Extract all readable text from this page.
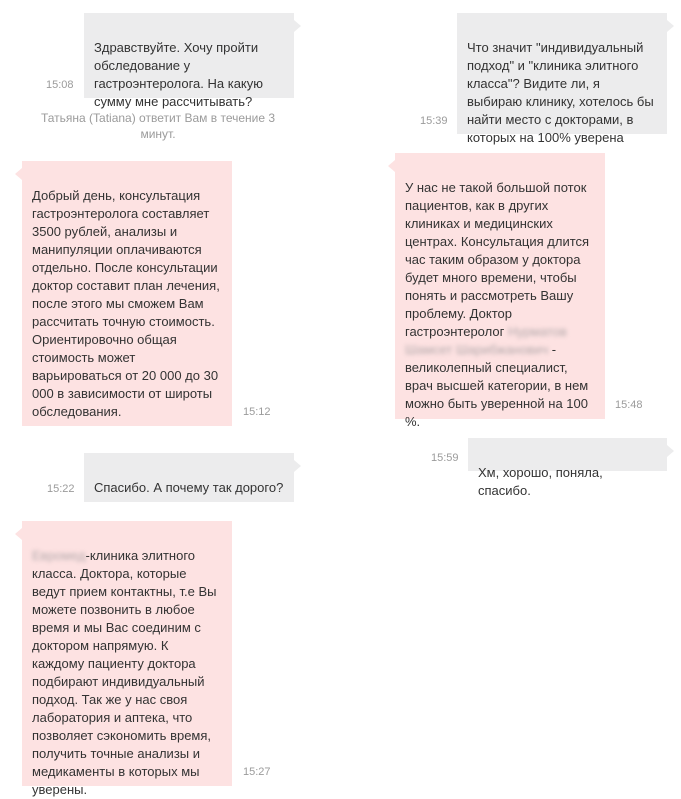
15:08

Здравствуйте. Хочу пройти обследование у гастроэнтеролога. На какую сумму мне рассчитывать?

Татьяна (Tatiana) ответит Вам в течение 3 минут.

Добрый день, консультация гастроэнтеролога составляет 3500 рублей, анализы и манипуляции оплачиваются отдельно. После консультации доктор составит план лечения, после этого мы сможем Вам рассчитать точную стоимость. Ориентировочно общая стоимость может варьироваться от 20 000 до 30 000 в зависимости от широты обследования.	15:12
15:22	Спасибо. А почему так дорого?

Евромед-клиника элитного класса. Доктора, которые ведут прием контактны, т.е Вы можете позвонить в любое время и мы Вас соединим с доктором напрямую. К каждому пациенту доктора подбирают индивидуальный подход. Так же у нас своя лаборатория и аптека, что позволяет сэкономить время, получить точные анализы и медикаменты в которых мы уверены.

15:27
15:39

Что значит "индивидуальный подход" и "клиника элитного класса"? Видите ли, я выбираю клинику, хотелось бы найти место с докторами, в которых на 100% уверена

У нас не такой большой поток пациентов, как в других клиниках и медицинских центрах. Консультация длится час таким образом у доктора будет много времени, чтобы понять и рассмотреть Вашу проблему. Доктор гастроэнтеролог Нурматов Шамсет Шарибжанович - великолепный специалист, врач высшей категории, в нем можно быть уверенной на 100 %.

15:48
15:59

Хм, хорошо, поняла, спасибо.
